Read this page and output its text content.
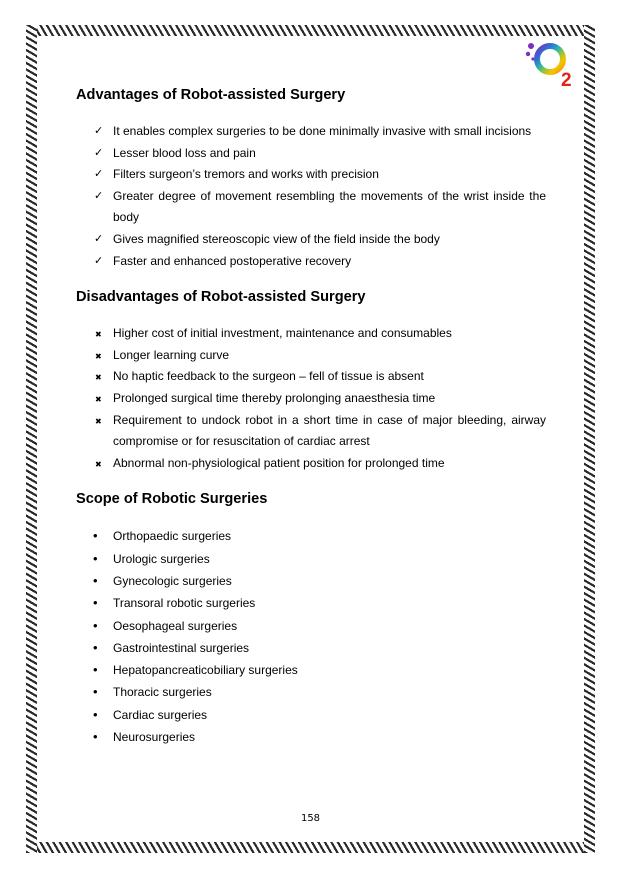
2
Advantages of Robot-assisted Surgery
✓ It enables complex surgeries to be done minimally invasive with small incisions
✓ Lesser blood loss and pain
✓ Filters surgeon’s tremors and works with precision
✓ Greater degree of movement resembling the movements of the wrist inside the body
✓ Gives magnified stereoscopic view of the field inside the body
✓ Faster and enhanced postoperative recovery
Disadvantages of Robot-assisted Surgery
✖ Higher cost of initial investment, maintenance and consumables
✖ Longer learning curve
✖ No haptic feedback to the surgeon – fell of tissue is absent
✖ Prolonged surgical time thereby prolonging anaesthesia time
✖ Requirement to undock robot in a short time in case of major bleeding, airway compromise or for resuscitation of cardiac arrest
✖ Abnormal non-physiological patient position for prolonged time
Scope of Robotic Surgeries
•	Orthopaedic surgeries
•	Urologic surgeries
•	Gynecologic surgeries
•	Transoral robotic surgeries
•	Oesophageal surgeries
•	Gastrointestinal surgeries
•	Hepatopancreaticobiliary surgeries
•	Thoracic surgeries
•	Cardiac surgeries
•	Neurosurgeries
158
